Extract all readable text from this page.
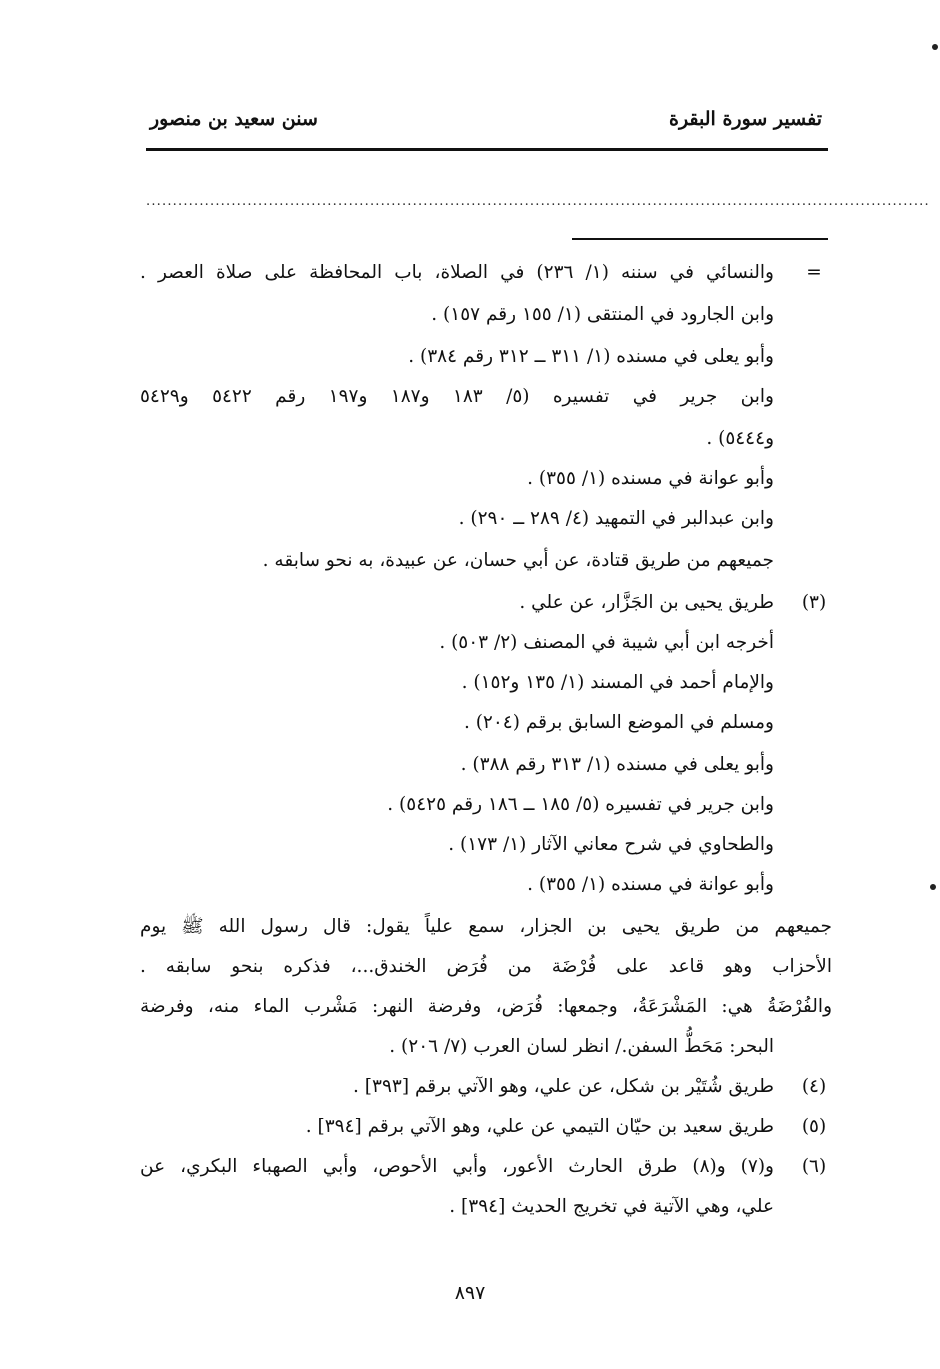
تفسير سورة البقرة
سنن سعيد بن منصور
...................................................................................................................................................
=
والنسائي في سننه (١/ ٢٣٦) في الصلاة، باب المحافظة على صلاة العصر .
وابن الجارود في المنتقى (١/ ١٥٥ رقم ١٥٧) .
وأبو يعلى في مسنده (١/ ٣١١ ــ ٣١٢ رقم ٣٨٤) .
وابن جرير في تفسيره (٥/ ١٨٣ و١٨٧ و١٩٧ رقم ٥٤٢٢ و٥٤٢٩
و٥٤٤٤) .
وأبو عوانة في مسنده (١/ ٣٥٥) .
وابن عبدالبر في التمهيد (٤/ ٢٨٩ ــ ٢٩٠) .
جميعهم من طريق قتادة، عن أبي حسان، عن عبيدة، به نحو سابقه .
(٣)
طريق يحيى بن الجَزَّار، عن علي .
أخرجه ابن أبي شيبة في المصنف (٢/ ٥٠٣) .
والإمام أحمد في المسند (١/ ١٣٥ و١٥٢) .
ومسلم في الموضع السابق برقم (٢٠٤) .
وأبو يعلى في مسنده (١/ ٣١٣ رقم ٣٨٨) .
وابن جرير في تفسيره (٥/ ١٨٥ ــ ١٨٦ رقم ٥٤٢٥) .
والطحاوي في شرح معاني الآثار (١/ ١٧٣) .
وأبو عوانة في مسنده (١/ ٣٥٥) .
جميعهم من طريق يحيى بن الجزار، سمع علياً يقول: قال رسول الله ﷺ يوم
الأحزاب وهو قاعد على فُرْضَة من فُرَض الخندق...، فذكره بنحو سابقه .
والفُرْضَةُ هي: المَشْرَعَةُ، وجمعها: فُرَض، وفرضة النهر: مَشْرب الماء منه، وفرضة
البحر: مَحَطُّ السفن./ انظر لسان العرب (٧/ ٢٠٦) .
(٤)
طريق شُتَيْر بن شكل، عن علي، وهو الآتي برقم [٣٩٣] .
(٥)
طريق سعيد بن حيّان التيمي عن علي، وهو الآتي برقم [٣٩٤] .
(٦)
و(٧) و(٨) طرق الحارث الأعور، وأبي الأحوص، وأبي الصهباء البكري، عن
علي، وهي الآتية في تخريج الحديث [٣٩٤] .
٨٩٧
